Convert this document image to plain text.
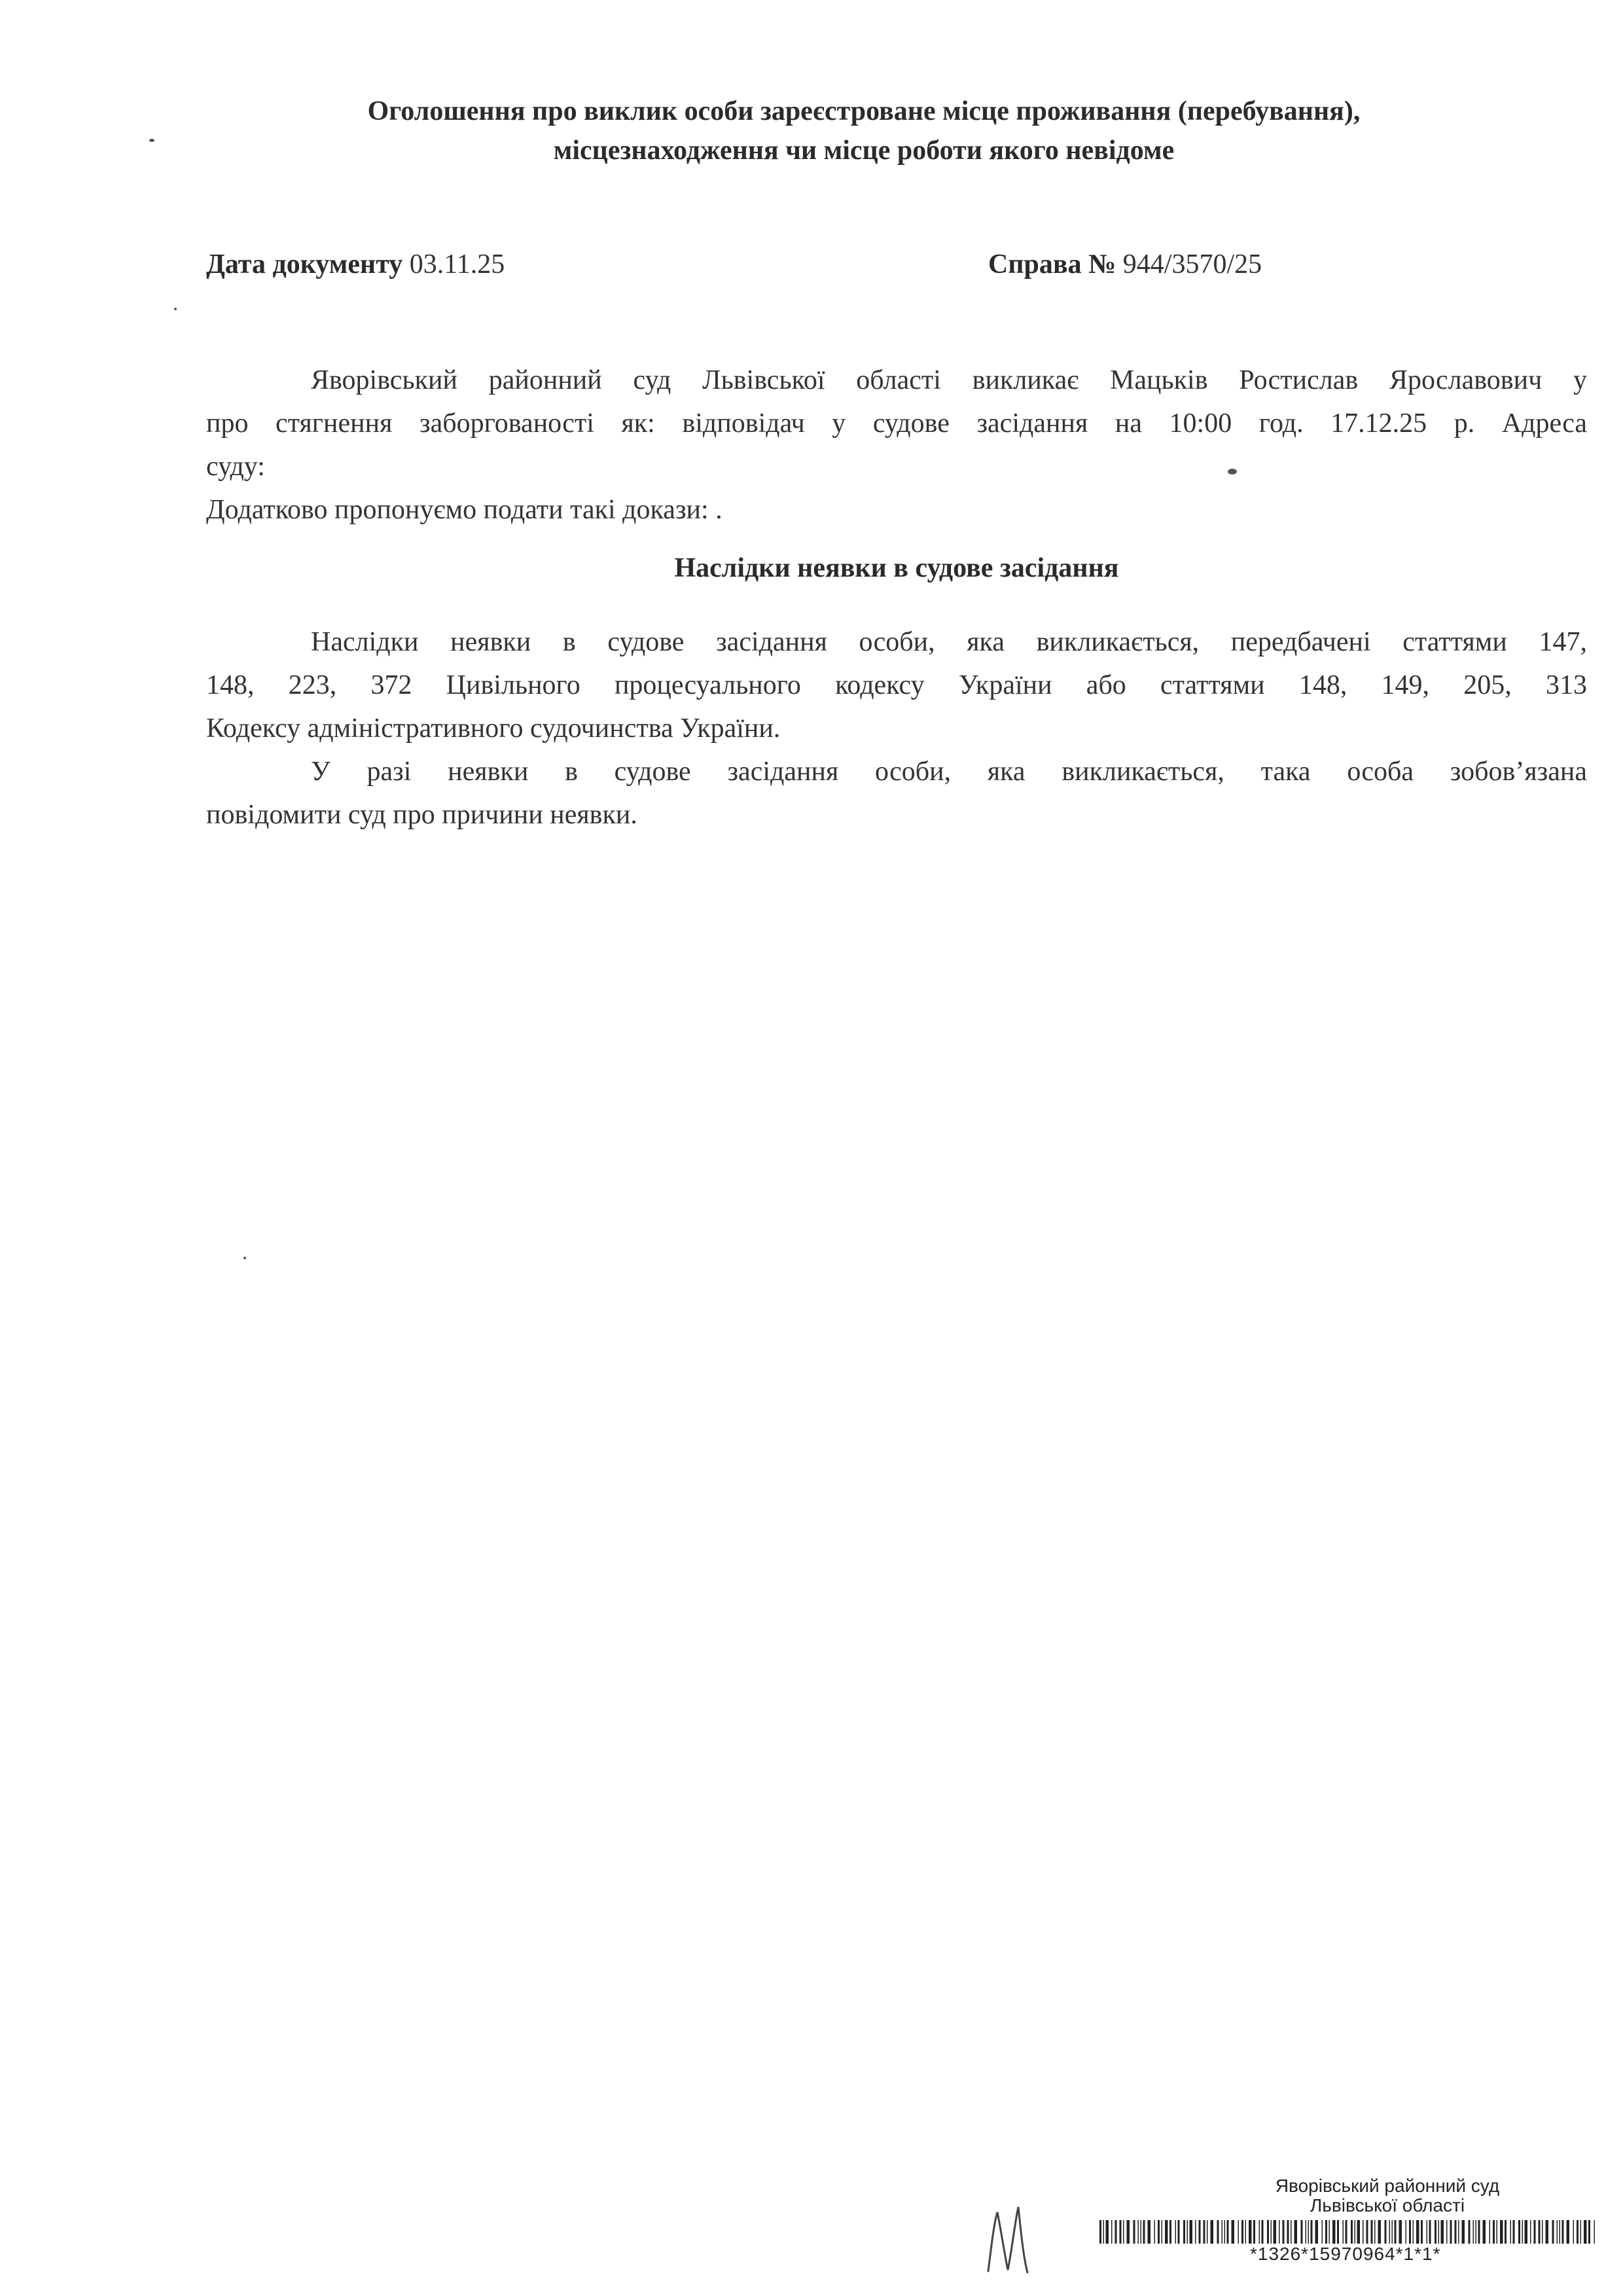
Оголошення про виклик особи зареєстроване місце проживання (перебування),
місцезнаходження чи місце роботи якого невідоме
Дата документу 03.11.25	Справа № 944/3570/25

Яворівський районний суд Львівської області викликає Мацьків Ростислав Ярославович у

про стягнення заборгованості як: відповідач у судове засідання на 10:00 год. 17.12.25 р. Адреса

суду:

Додатково пропонуємо подати такі докази: .

Наслідки неявки в судове засідання

Наслідки неявки в судове засідання особи, яка викликається, передбачені статтями 147,

148, 223, 372 Цивільного процесуального кодексу України або статтями 148, 149, 205, 313

Кодексу адміністративного судочинства України.

У разі неявки в судове засідання особи, яка викликається, така особа зобов’язана

повідомити суд про причини неявки.

Яворівський районний суд
Львівської області
*1326*15970964*1*1*
